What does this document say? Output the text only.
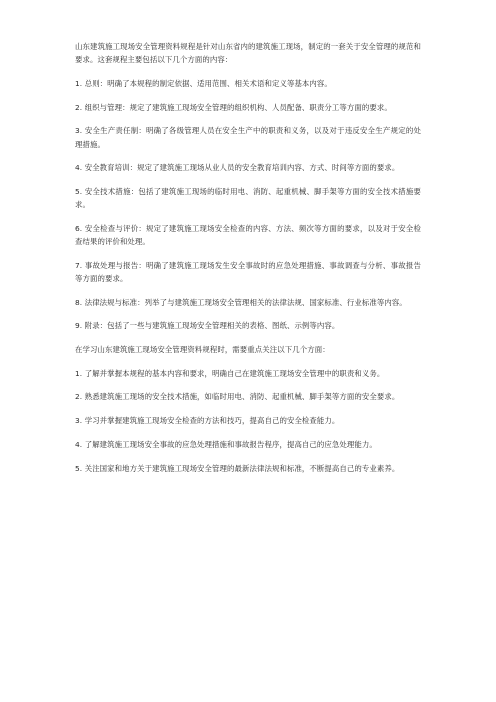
山东建筑施工现场安全管理资料规程是针对山东省内的建筑施工现场，制定的一套关于安全管理的规范和要求。这套规程主要包括以下几个方面的内容：

1. 总则：明确了本规程的制定依据、适用范围、相关术语和定义等基本内容。

2. 组织与管理：规定了建筑施工现场安全管理的组织机构、人员配备、职责分工等方面的要求。

3. 安全生产责任制：明确了各级管理人员在安全生产中的职责和义务，以及对于违反安全生产规定的处理措施。

4. 安全教育培训：规定了建筑施工现场从业人员的安全教育培训内容、方式、时间等方面的要求。

5. 安全技术措施：包括了建筑施工现场的临时用电、消防、起重机械、脚手架等方面的安全技术措施要求。

6. 安全检查与评价：规定了建筑施工现场安全检查的内容、方法、频次等方面的要求，以及对于安全检查结果的评价和处理。

7. 事故处理与报告：明确了建筑施工现场发生安全事故时的应急处理措施、事故调查与分析、事故报告等方面的要求。

8. 法律法规与标准：列举了与建筑施工现场安全管理相关的法律法规、国家标准、行业标准等内容。

9. 附录：包括了一些与建筑施工现场安全管理相关的表格、图纸、示例等内容。

在学习山东建筑施工现场安全管理资料规程时，需要重点关注以下几个方面：

1. 了解并掌握本规程的基本内容和要求，明确自己在建筑施工现场安全管理中的职责和义务。

2. 熟悉建筑施工现场的安全技术措施，如临时用电、消防、起重机械、脚手架等方面的安全要求。

3. 学习并掌握建筑施工现场安全检查的方法和技巧，提高自己的安全检查能力。

4. 了解建筑施工现场安全事故的应急处理措施和事故报告程序，提高自己的应急处理能力。

5. 关注国家和地方关于建筑施工现场安全管理的最新法律法规和标准，不断提高自己的专业素养。
